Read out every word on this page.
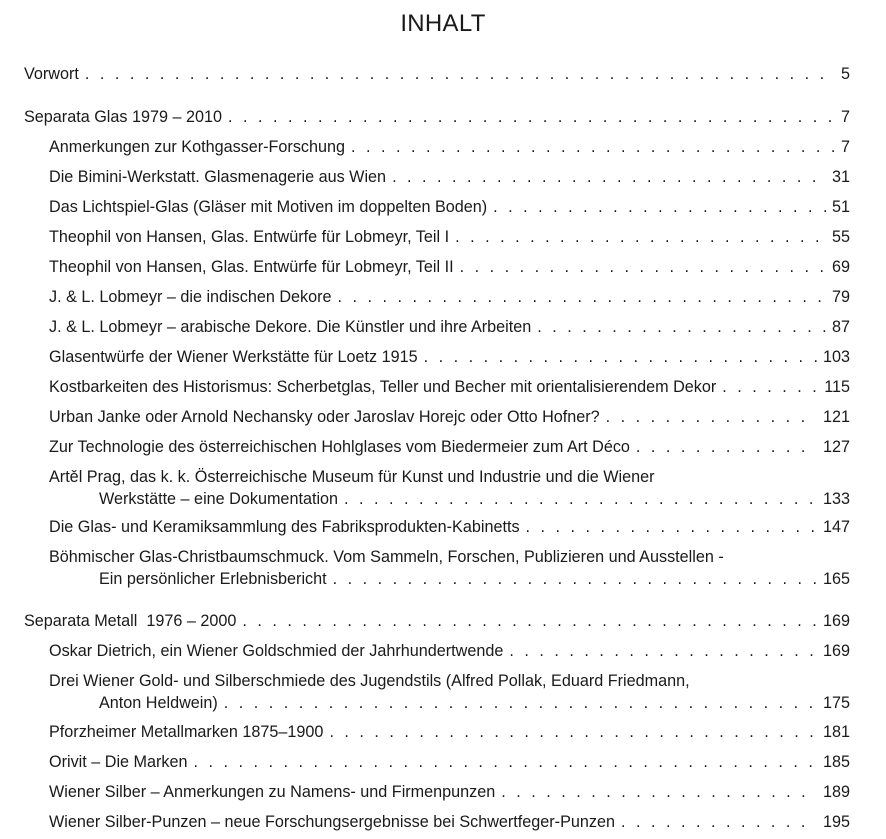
INHALT
Vorwort . . .	5
Separata Glas 1979 – 2010 . . .	7
Anmerkungen zur Kothgasser-Forschung . . .	7
Die Bimini-Werkstatt. Glasmenagerie aus Wien . . .	31
Das Lichtspiel-Glas (Gläser mit Motiven im doppelten Boden) . . .	51
Theophil von Hansen, Glas. Entwürfe für Lobmeyr, Teil I . . .	55
Theophil von Hansen, Glas. Entwürfe für Lobmeyr, Teil II . . .	69
J. & L. Lobmeyr – die indischen Dekore . . .	79
J. & L. Lobmeyr – arabische Dekore. Die Künstler und ihre Arbeiten . . .	87
Glasentwürfe der Wiener Werkstätte für Loetz 1915 . . .	103
Kostbarkeiten des Historismus: Scherbetglas, Teller und Becher mit orientalisierendem Dekor . . .	115
Urban Janke oder Arnold Nechansky oder Jaroslav Horejc oder Otto Hofner? . . .	121
Zur Technologie des österreichischen Hohlglases vom Biedermeier zum Art Déco . . .	127
Artěl Prag, das k. k. Österreichische Museum für Kunst und Industrie und die Wiener
Werkstätte – eine Dokumentation . . .	133
Die Glas- und Keramiksammlung des Fabriksprodukten-Kabinetts . . .	147
Böhmischer Glas-Christbaumschmuck. Vom Sammeln, Forschen, Publizieren und Ausstellen -
Ein persönlicher Erlebnisbericht . . .	165
Separata Metall  1976 – 2000 . . .	169
Oskar Dietrich, ein Wiener Goldschmied der Jahrhundertwende . . .	169
Drei Wiener Gold- und Silberschmiede des Jugendstils (Alfred Pollak, Eduard Friedmann,
Anton Heldwein) . . .	175
Pforzheimer Metallmarken 1875–1900 . . .	181
Orivit – Die Marken . . .	185
Wiener Silber – Anmerkungen zu Namens- und Firmenpunzen . . .	189
Wiener Silber-Punzen – neue Forschungsergebnisse bei Schwertfeger-Punzen . . .	195
